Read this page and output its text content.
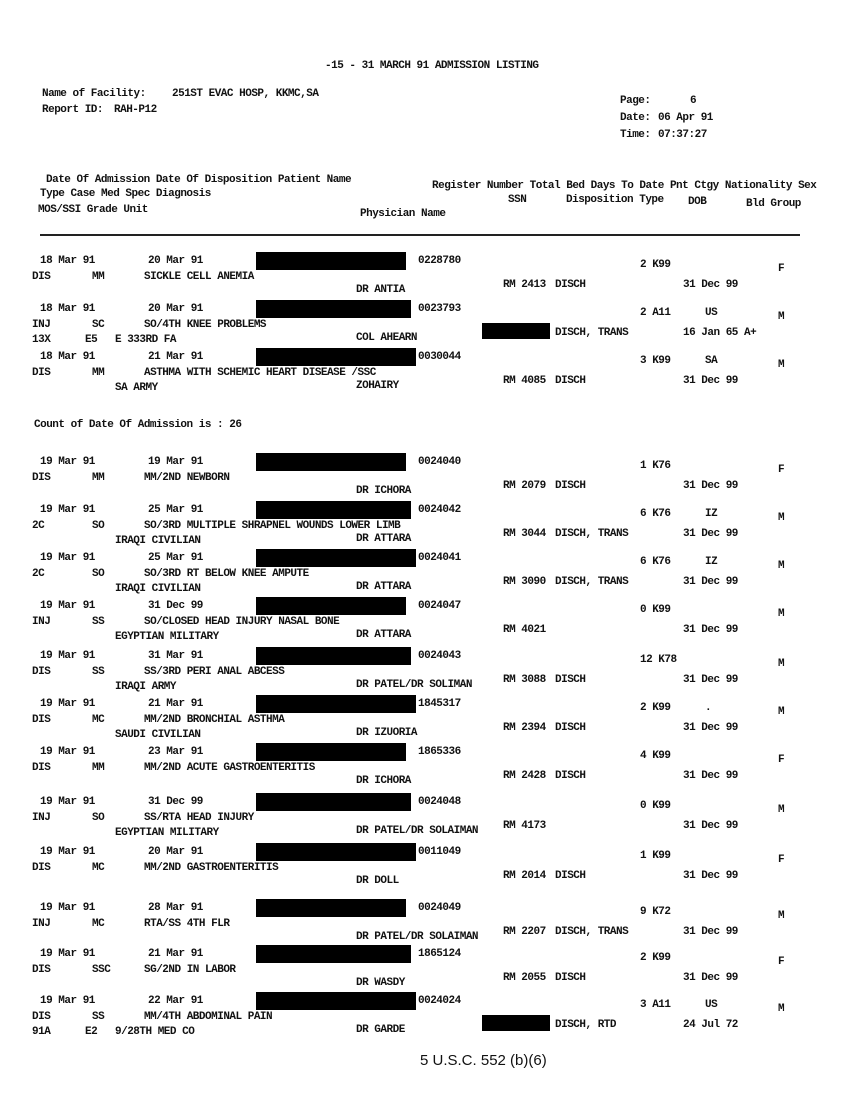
-15 - 31 MARCH 91 ADMISSION LISTING
Name of Facility: 251ST EVAC HOSP, KKMC,SA
Report ID: RAH-P12
Page:	6
Date: 06 Apr 91
Time: 07:37:27
Date Of Admission Date Of Disposition Patient Name	Register Number Total Bed Days To Date Pnt Ctgy Nationality Sex
Type Case Med Spec Diagnosis	SSN	Disposition Type DOB	Bld Group
MOS/SSI Grade Unit	Physician Name
Count of Date Of Admission is : 26
18 Mar 91	20 Mar 91	0228780	2 K99	F
DIS	MM	SICKLE CELL ANEMIA
RM 2413 DISCH	31 Dec 99
DR ANTIA
18 Mar 91	20 Mar 91	0023793	2 A11	US	M
INJ	SC	SO/4TH KNEE PROBLEMS
DISCH, TRANS	16 Jan 65 A+
13X	E5 E 333RD FA	COL AHEARN
18 Mar 91	21 Mar 91	0030044	3 K99	SA	M
DIS	MM	ASTHMA WITH SCHEMIC HEART DISEASE /SSC
RM 4085 DISCH	31 Dec 99
SA ARMY	ZOHAIRY
19 Mar 91	19 Mar 91	0024040	1 K76	F
DIS	MM	MM/2ND NEWBORN
RM 2079 DISCH	31 Dec 99
DR ICHORA
19 Mar 91	25 Mar 91	0024042	6 K76	IZ	M
2C	SO	SO/3RD MULTIPLE SHRAPNEL WOUNDS LOWER LIMB
RM 3044 DISCH, TRANS	31 Dec 99
IRAQI CIVILIAN	DR ATTARA
19 Mar 91	25 Mar 91	0024041	6 K76	IZ	M
2C	SO	SO/3RD RT BELOW KNEE AMPUTE
RM 3090 DISCH, TRANS	31 Dec 99
IRAQI CIVILIAN	DR ATTARA
19 Mar 91	31 Dec 99	0024047	0 K99	M
INJ	SS	SO/CLOSED HEAD INJURY NASAL BONE
RM 4021	31 Dec 99
EGYPTIAN MILITARY	DR ATTARA
19 Mar 91	31 Mar 91	0024043	12 K78	M
DIS	SS	SS/3RD PERI ANAL ABCESS
RM 3088 DISCH	31 Dec 99
IRAQI ARMY	DR PATEL/DR SOLIMAN
19 Mar 91	21 Mar 91	1845317	2 K99	.	M
DIS	MC	MM/2ND BRONCHIAL ASTHMA
RM 2394 DISCH	31 Dec 99
SAUDI CIVILIAN	DR IZUORIA
19 Mar 91	23 Mar 91	1865336	4 K99	F
DIS	MM	MM/2ND ACUTE GASTROENTERITIS
RM 2428 DISCH	31 Dec 99
DR ICHORA
19 Mar 91	31 Dec 99	0024048	0 K99	M
INJ	SO	SS/RTA HEAD INJURY
RM 4173	31 Dec 99
EGYPTIAN MILITARY	DR PATEL/DR SOLAIMAN
19 Mar 91	20 Mar 91	0011049	1 K99	F
DIS	MC	MM/2ND GASTROENTERITIS
RM 2014 DISCH	31 Dec 99
DR DOLL
19 Mar 91	28 Mar 91	0024049	9 K72	M
INJ	MC	RTA/SS 4TH FLR
RM 2207 DISCH, TRANS	31 Dec 99
DR PATEL/DR SOLAIMAN
19 Mar 91	21 Mar 91	1865124	2 K99	F
DIS	SSC	SG/2ND IN LABOR
RM 2055 DISCH	31 Dec 99
DR WASDY
19 Mar 91	22 Mar 91	0024024	3 A11	US	M
DIS	SS	MM/4TH ABDOMINAL PAIN
DISCH, RTD	24 Jul 72
91A	E2 9/28TH MED CO	DR GARDE
5 U.S.C. 552 (b)(6)
